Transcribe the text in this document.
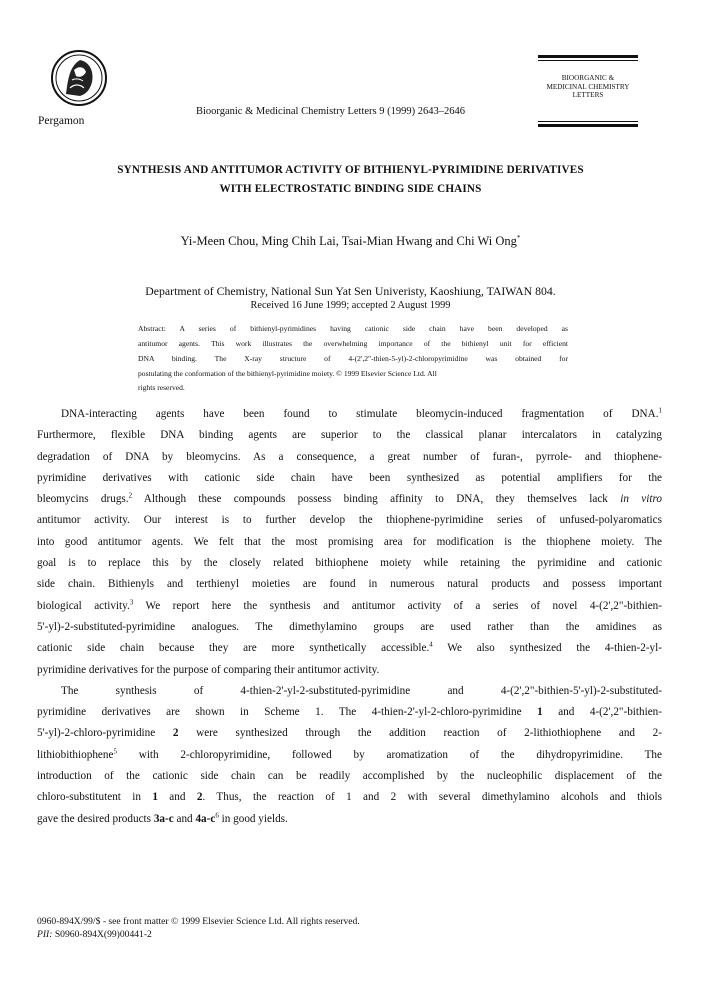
Pergamon
Bioorganic & Medicinal Chemistry Letters 9 (1999) 2643–2646
BIOORGANIC &
MEDICINAL CHEMISTRY
LETTERS
SYNTHESIS AND ANTITUMOR ACTIVITY OF BITHIENYL-PYRIMIDINE DERIVATIVES
WITH ELECTROSTATIC BINDING SIDE CHAINS
Yi-Meen Chou, Ming Chih Lai, Tsai-Mian Hwang and Chi Wi Ong*
Department of Chemistry, National Sun Yat Sen Univeristy, Kaoshiung, TAIWAN 804.
Received 16 June 1999; accepted 2 August 1999
Abstract: A series of bithienyl-pyrimidines having cationic side chain have been developed as
antitumor agents. This work illustrates the overwhelming importance of the bithienyl unit for efficient
DNA binding. The X-ray structure of 4-(2',2"-thien-5-yl)-2-chloropyrimidine was obtained for
postulating the conformation of the bithienyl-pyrimidine moiety. © 1999 Elsevier Science Ltd. All
rights reserved.
DNA-interacting agents have been found to stimulate bleomycin-induced fragmentation of DNA.$^1$
Furthermore, flexible DNA binding agents are superior to the classical planar intercalators in catalyzing
degradation of DNA by bleomycins. As a consequence, a great number of furan-, pyrrole- and thiophene-
pyrimidine derivatives with cationic side chain have been synthesized as potential amplifiers for the
bleomycins drugs.$^2$ Although these compounds possess binding affinity to DNA, they themselves lack in vitro
antitumor activity. Our interest is to further develop the thiophene-pyrimidine series of unfused-polyaromatics
into good antitumor agents. We felt that the most promising area for modification is the thiophene moiety. The
goal is to replace this by the closely related bithiophene moiety while retaining the pyrimidine and cationic
side chain. Bithienyls and terthienyl moieties are found in numerous natural products and possess important
biological activity.$^3$ We report here the synthesis and antitumor activity of a series of novel 4-(2',2"-bithien-
5'-yl)-2-substituted-pyrimidine analogues. The dimethylamino groups are used rather than the amidines as
cationic side chain because they are more synthetically accessible.$^4$ We also synthesized the 4-thien-2-yl-
pyrimidine derivatives for the purpose of comparing their antitumor activity.
The synthesis of 4-thien-2'-yl-2-substituted-pyrimidine and 4-(2',2"-bithien-5'-yl)-2-substituted-
pyrimidine derivatives are shown in Scheme 1. The 4-thien-2'-yl-2-chloro-pyrimidine 1 and 4-(2',2"-bithien-
5'-yl)-2-chloro-pyrimidine 2 were synthesized through the addition reaction of 2-lithiothiophene and 2-
lithiobithiophene$^5$ with 2-chloropyrimidine, followed by aromatization of the dihydropyrimidine. The
introduction of the cationic side chain can be readily accomplished by the nucleophilic displacement of the
chloro-substitutent in 1 and 2. Thus, the reaction of 1 and 2 with several dimethylamino alcohols and thiols
gave the desired products 3a-c and $4a-c^6$ in good yields.
0960-894X/99/$ - see front matter © 1999 Elsevier Science Ltd. All rights reserved.
PII: S0960-894X(99)00441-2
